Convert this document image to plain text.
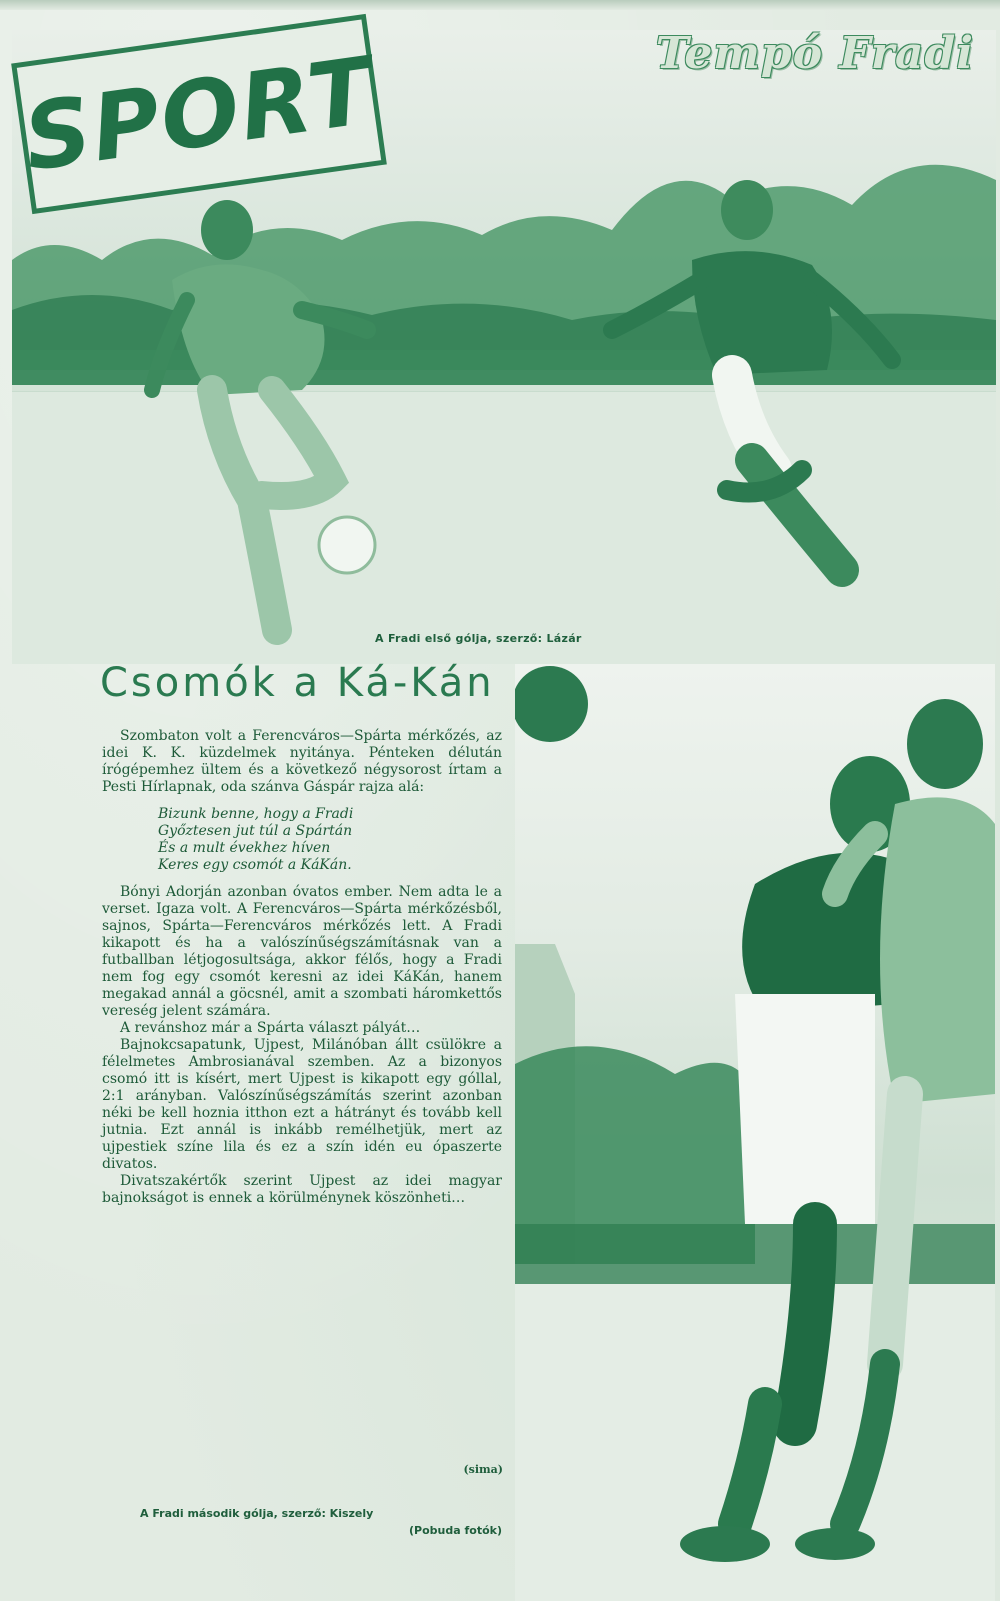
SPORT	Tempó Fradi
A Fradi első gólja, szerző: Lázár
Csomók a Ká-Kán

Szombaton volt a Ferencváros—Spárta mérkőzés, az idei K. K. küzdelmek nyitánya. Pénteken délután írógépemhez ültem és a következő négysorost írtam a Pesti Hírlapnak, oda szánva Gáspár rajza alá:

Bizunk benne, hogy a Fradi
Győztesen jut túl a Spártán
És a mult évekhez híven
Keres egy csomót a KáKán.

Bónyi Adorján azonban óvatos ember. Nem adta le a verset. Igaza volt. A Ferencváros—Spárta mérkőzésből, sajnos, Spárta—Ferencváros mérkőzés lett. A Fradi kikapott és ha a valószínűségszámításnak van a futballban létjogosultsága, akkor félős, hogy a Fradi nem fog egy csomót keresni az idei KáKán, hanem megakad annál a göcsnél, amit a szombati háromkettős vereség jelent számára.

A revánshoz már a Spárta választ pályát…

Bajnokcsapatunk, Ujpest, Milánóban állt csülökre a félelmetes Ambrosianával szemben. Az a bizonyos csomó itt is kísért, mert Ujpest is kikapott egy góllal, 2:1 arányban. Valószínűségszámítás szerint azonban néki be kell hoznia itthon ezt a hátrányt és tovább kell jutnia. Ezt annál is inkább remélhetjük, mert az ujpestiek színe lila és ez a szín idén eu ópaszerte divatos.

Divatszakértők szerint Ujpest az idei magyar bajnokságot is ennek a körülménynek köszönheti…

(sima)
A Fradi második gólja, szerző: Kiszely
(Pobuda fotók)
